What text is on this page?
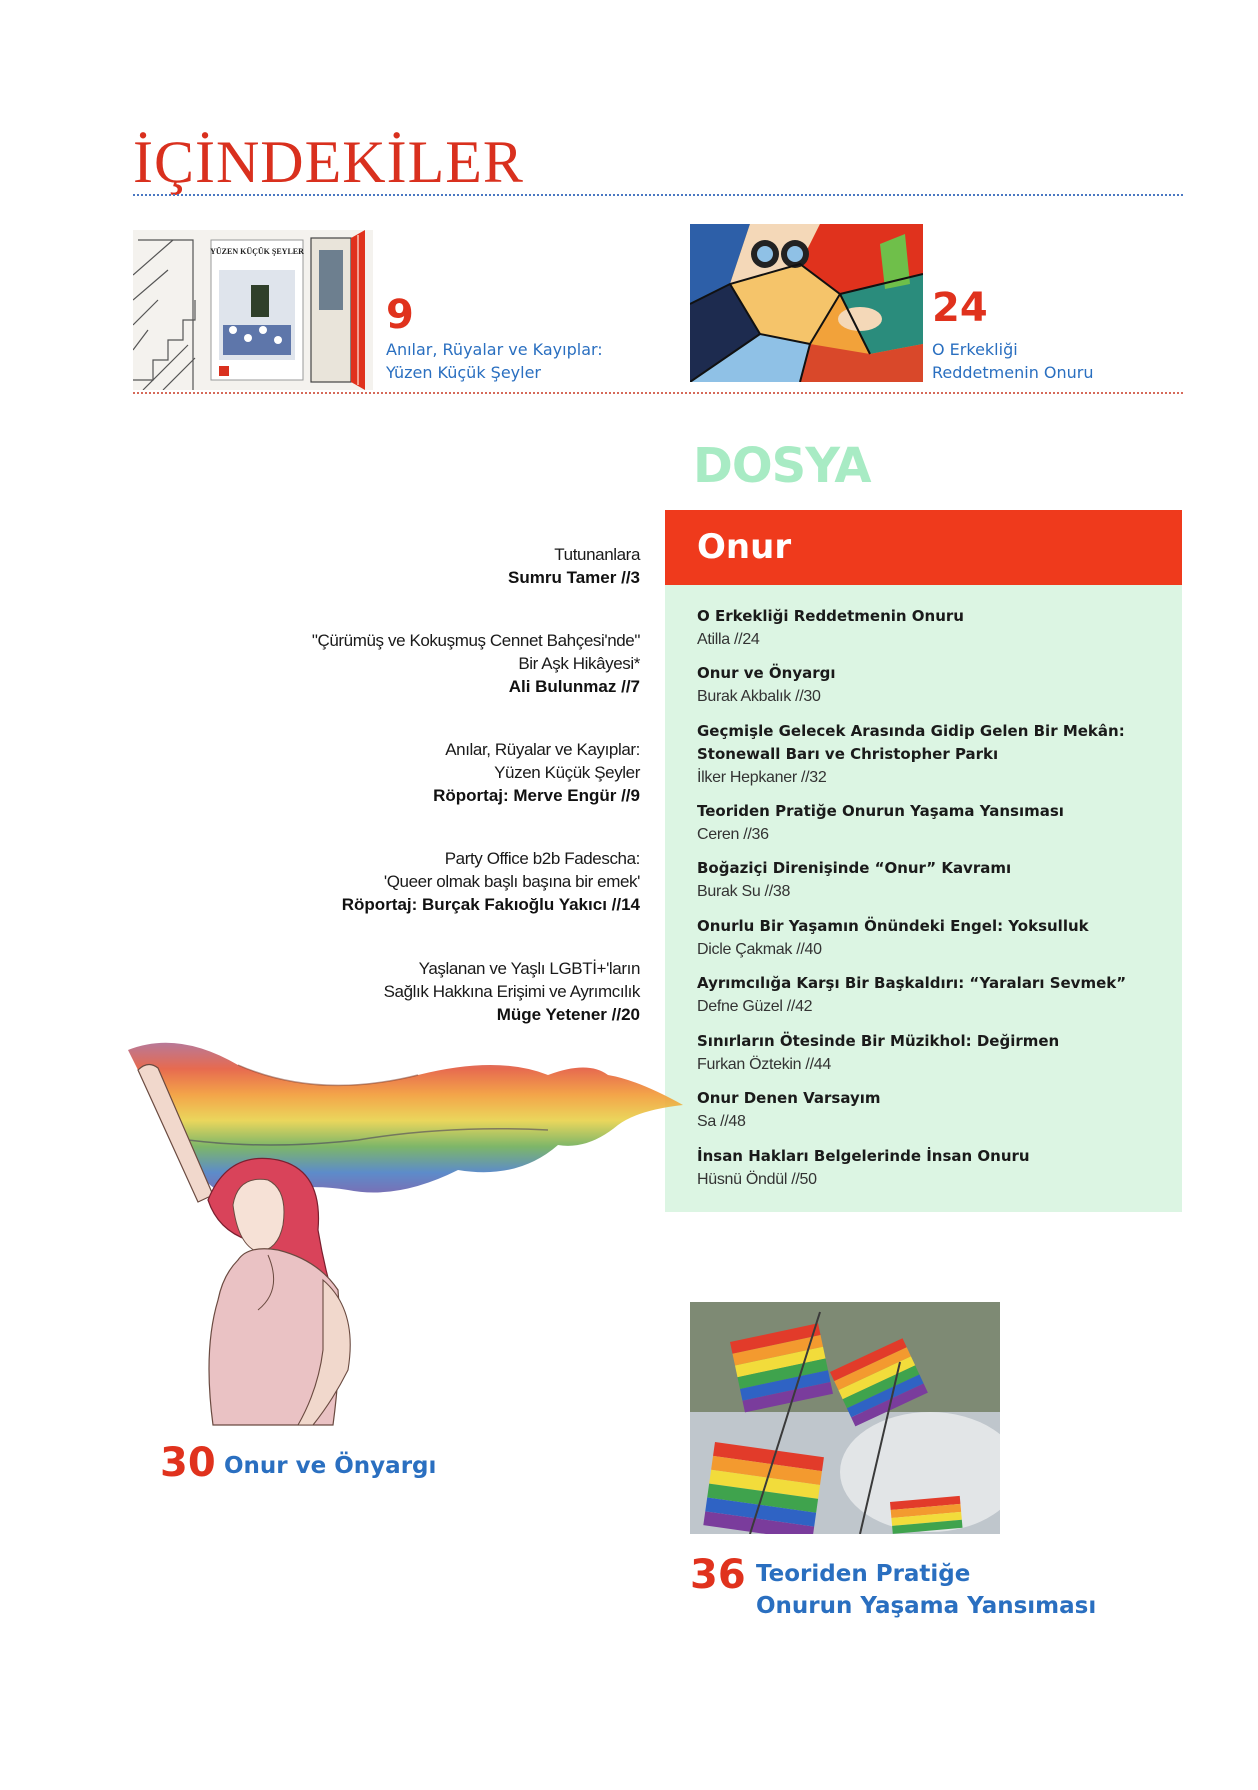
İÇİNDEKİLER
YÜZEN KÜÇÜK ŞEYLER
9
Anılar, Rüyalar ve Kayıplar:
Yüzen Küçük Şeyler
24
O Erkekliği
Reddetmenin Onuru
Tutunanlara
Sumru Tamer //3
"Çürümüş ve Kokuşmuş Cennet Bahçesi'nde"
Bir Aşk Hikâyesi*
Ali Bulunmaz //7
Anılar, Rüyalar ve Kayıplar:
Yüzen Küçük Şeyler
Röportaj: Merve Engür //9
Party Office b2b Fadescha:
'Queer olmak başlı başına bir emek'
Röportaj: Burçak Fakıoğlu Yakıcı //14
Yaşlanan ve Yaşlı LGBTİ+'ların
Sağlık Hakkına Erişimi ve Ayrımcılık
Müge Yetener //20
DOSYA
Onur
O Erkekliği Reddetmenin Onuru
Atilla //24
Onur ve Önyargı
Burak Akbalık //30
Geçmişle Gelecek Arasında Gidip Gelen Bir Mekân:
Stonewall Barı ve Christopher Parkı
İlker Hepkaner //32
Teoriden Pratiğe Onurun Yaşama Yansıması
Ceren //36
Boğaziçi Direnişinde “Onur” Kavramı
Burak Su //38
Onurlu Bir Yaşamın Önündeki Engel: Yoksulluk
Dicle Çakmak //40
Ayrımcılığa Karşı Bir Başkaldırı: “Yaraları Sevmek”
Defne Güzel //42
Sınırların Ötesinde Bir Müzikhol: Değirmen
Furkan Öztekin //44
Onur Denen Varsayım
Sa //48
İnsan Hakları Belgelerinde İnsan Onuru
Hüsnü Öndül //50
30 Onur ve Önyargı
36 Teoriden Pratiğe
Onurun Yaşama Yansıması
